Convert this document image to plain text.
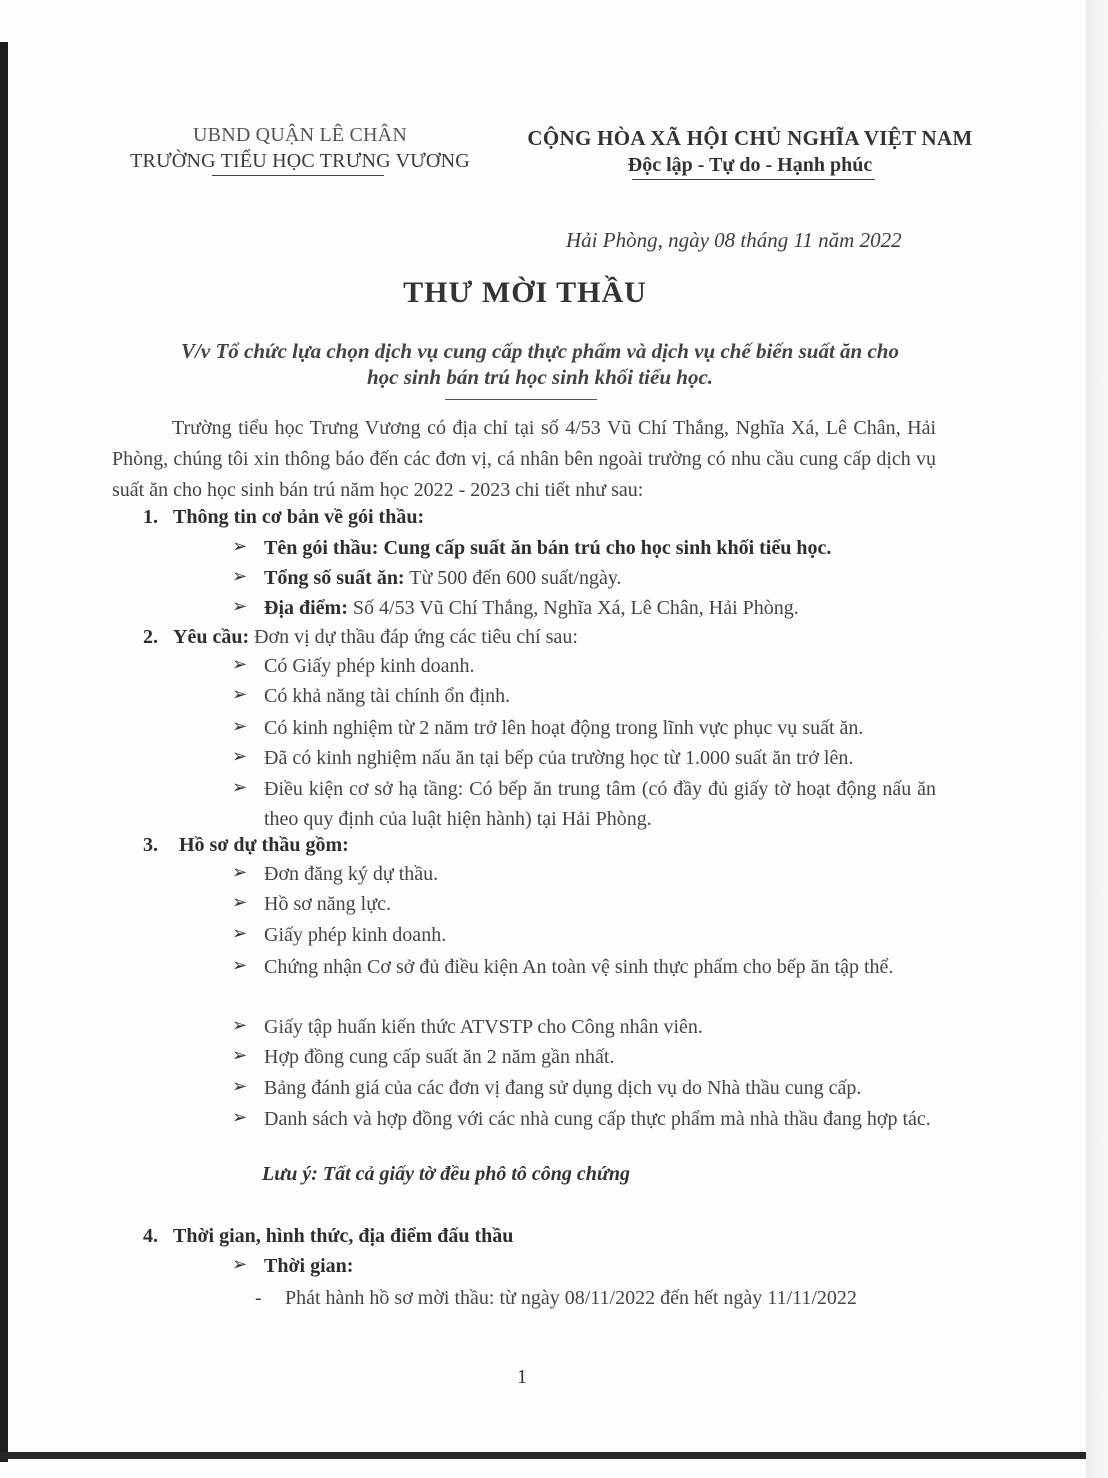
UBND QUẬN LÊ CHÂN
TRƯỜNG TIỂU HỌC TRƯNG VƯƠNG
CỘNG HÒA XÃ HỘI CHỦ NGHĨA VIỆT NAM
Độc lập - Tự do - Hạnh phúc
Hải Phòng, ngày 08 tháng 11 năm 2022
THƯ MỜI THẦU
V/v Tổ chức lựa chọn dịch vụ cung cấp thực phẩm và dịch vụ chế biến suất ăn cho
học sinh bán trú học sinh khối tiểu học.
Trường tiểu học Trưng Vương có địa chỉ tại số 4/53 Vũ Chí Thắng, Nghĩa Xá, Lê Chân, Hải Phòng, chúng tôi xin thông báo đến các đơn vị, cá nhân bên ngoài trường có nhu cầu cung cấp dịch vụ suất ăn cho học sinh bán trú năm học 2022 - 2023 chi tiết như sau:
1. Thông tin cơ bản về gói thầu:
➢ Tên gói thầu: Cung cấp suất ăn bán trú cho học sinh khối tiểu học.
➢ Tổng số suất ăn: Từ 500 đến 600 suất/ngày.
➢ Địa điểm: Số 4/53 Vũ Chí Thắng, Nghĩa Xá, Lê Chân, Hải Phòng.
2. Yêu cầu: Đơn vị dự thầu đáp ứng các tiêu chí sau:
➢ Có Giấy phép kinh doanh.
➢ Có khả năng tài chính ổn định.
➢ Có kinh nghiệm từ 2 năm trở lên hoạt động trong lĩnh vực phục vụ suất ăn.
➢ Đã có kinh nghiệm nấu ăn tại bếp của trường học từ 1.000 suất ăn trở lên.
➢ Điều kiện cơ sở hạ tầng: Có bếp ăn trung tâm (có đầy đủ giấy tờ hoạt động nấu ăn theo quy định của luật hiện hành) tại Hải Phòng.
3. Hồ sơ dự thầu gồm:
➢ Đơn đăng ký dự thầu.
➢ Hồ sơ năng lực.
➢ Giấy phép kinh doanh.
➢ Chứng nhận Cơ sở đủ điều kiện An toàn vệ sinh thực phẩm cho bếp ăn tập thể.
➢ Giấy tập huấn kiến thức ATVSTP cho Công nhân viên.
➢ Hợp đồng cung cấp suất ăn 2 năm gần nhất.
➢ Bảng đánh giá của các đơn vị đang sử dụng dịch vụ do Nhà thầu cung cấp.
➢ Danh sách và hợp đồng với các nhà cung cấp thực phẩm mà nhà thầu đang hợp tác.
Lưu ý: Tất cả giấy tờ đều phô tô công chứng
4. Thời gian, hình thức, địa điểm đấu thầu
➢ Thời gian:
- Phát hành hồ sơ mời thầu: từ ngày 08/11/2022 đến hết ngày 11/11/2022
1
